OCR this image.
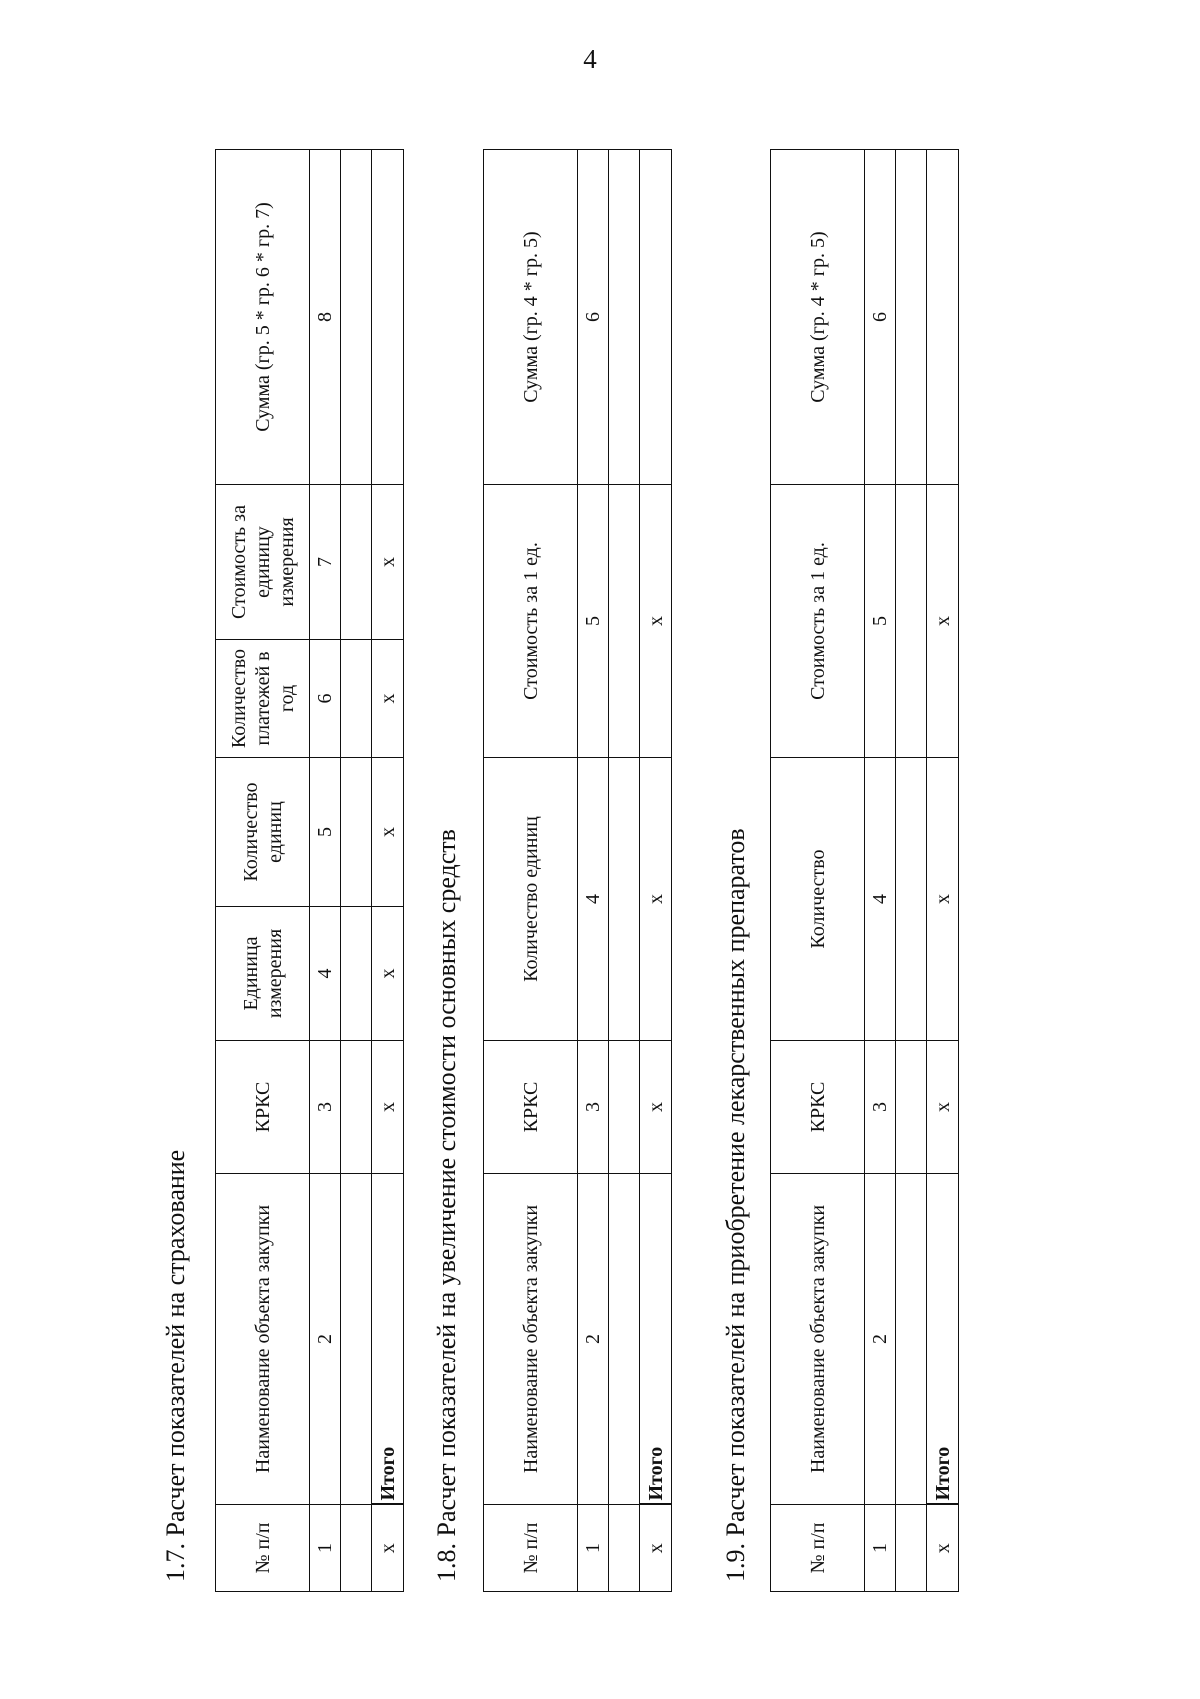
4
1.7. Расчет показателей на страхование	№ п/п	Наименование объекта закупки	КРКС	Единица измерения	Количество единиц	Количество платежей в год	Стоимость за единицу измерения	Сумма (гр. 5 * гр. 6 * гр. 7)
1	2	3	4	5	6	7	8

x	Итого	x	x	x	x	x	
1.8. Расчет показателей на увеличение стоимости основных средств	№ п/п	Наименование объекта закупки	КРКС	Количество единиц	Стоимость за 1 ед.	Сумма (гр. 4 * гр. 5)
1	2	3	4	5	6

x	Итого	x	x	x	
1.9. Расчет показателей на приобретение лекарственных препаратов	№ п/п	Наименование объекта закупки	КРКС	Количество	Стоимость за 1 ед.	Сумма (гр. 4 * гр. 5)
1	2	3	4	5	6

x	Итого	x	x	x	
